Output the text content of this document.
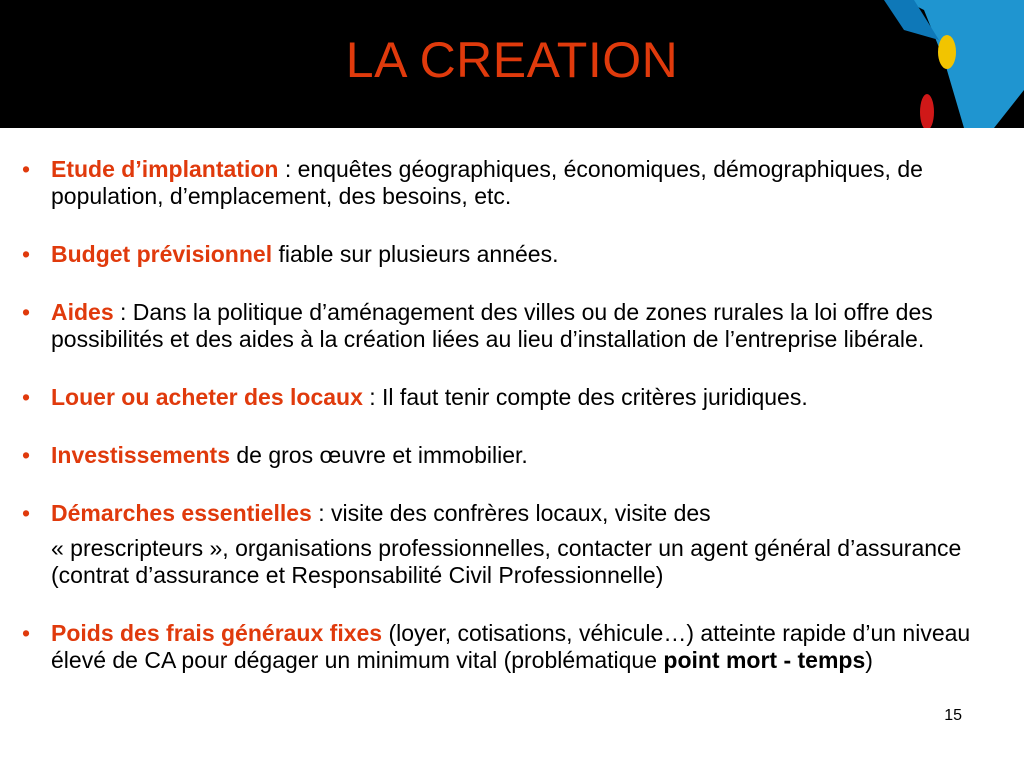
LA CREATION
• Etude d’implantation : enquêtes géographiques, économiques, démographiques, de population, d’emplacement, des besoins, etc.
• Budget prévisionnel fiable sur plusieurs années.
• Aides : Dans la politique d’aménagement des villes ou de zones rurales la loi offre des possibilités et des aides à la création liées au lieu d’installation de l’entreprise libérale.
• Louer ou acheter des locaux : Il faut tenir compte des critères juridiques.
• Investissements de gros œuvre et immobilier.
• Démarches essentielles : visite des confrères locaux, visite des
« prescripteurs », organisations professionnelles, contacter un agent général d’assurance (contrat d’assurance et Responsabilité Civil Professionnelle)
• Poids des frais généraux fixes (loyer, cotisations, véhicule…) atteinte rapide d’un niveau élevé de CA pour dégager un minimum vital (problématique point mort - temps)
15
